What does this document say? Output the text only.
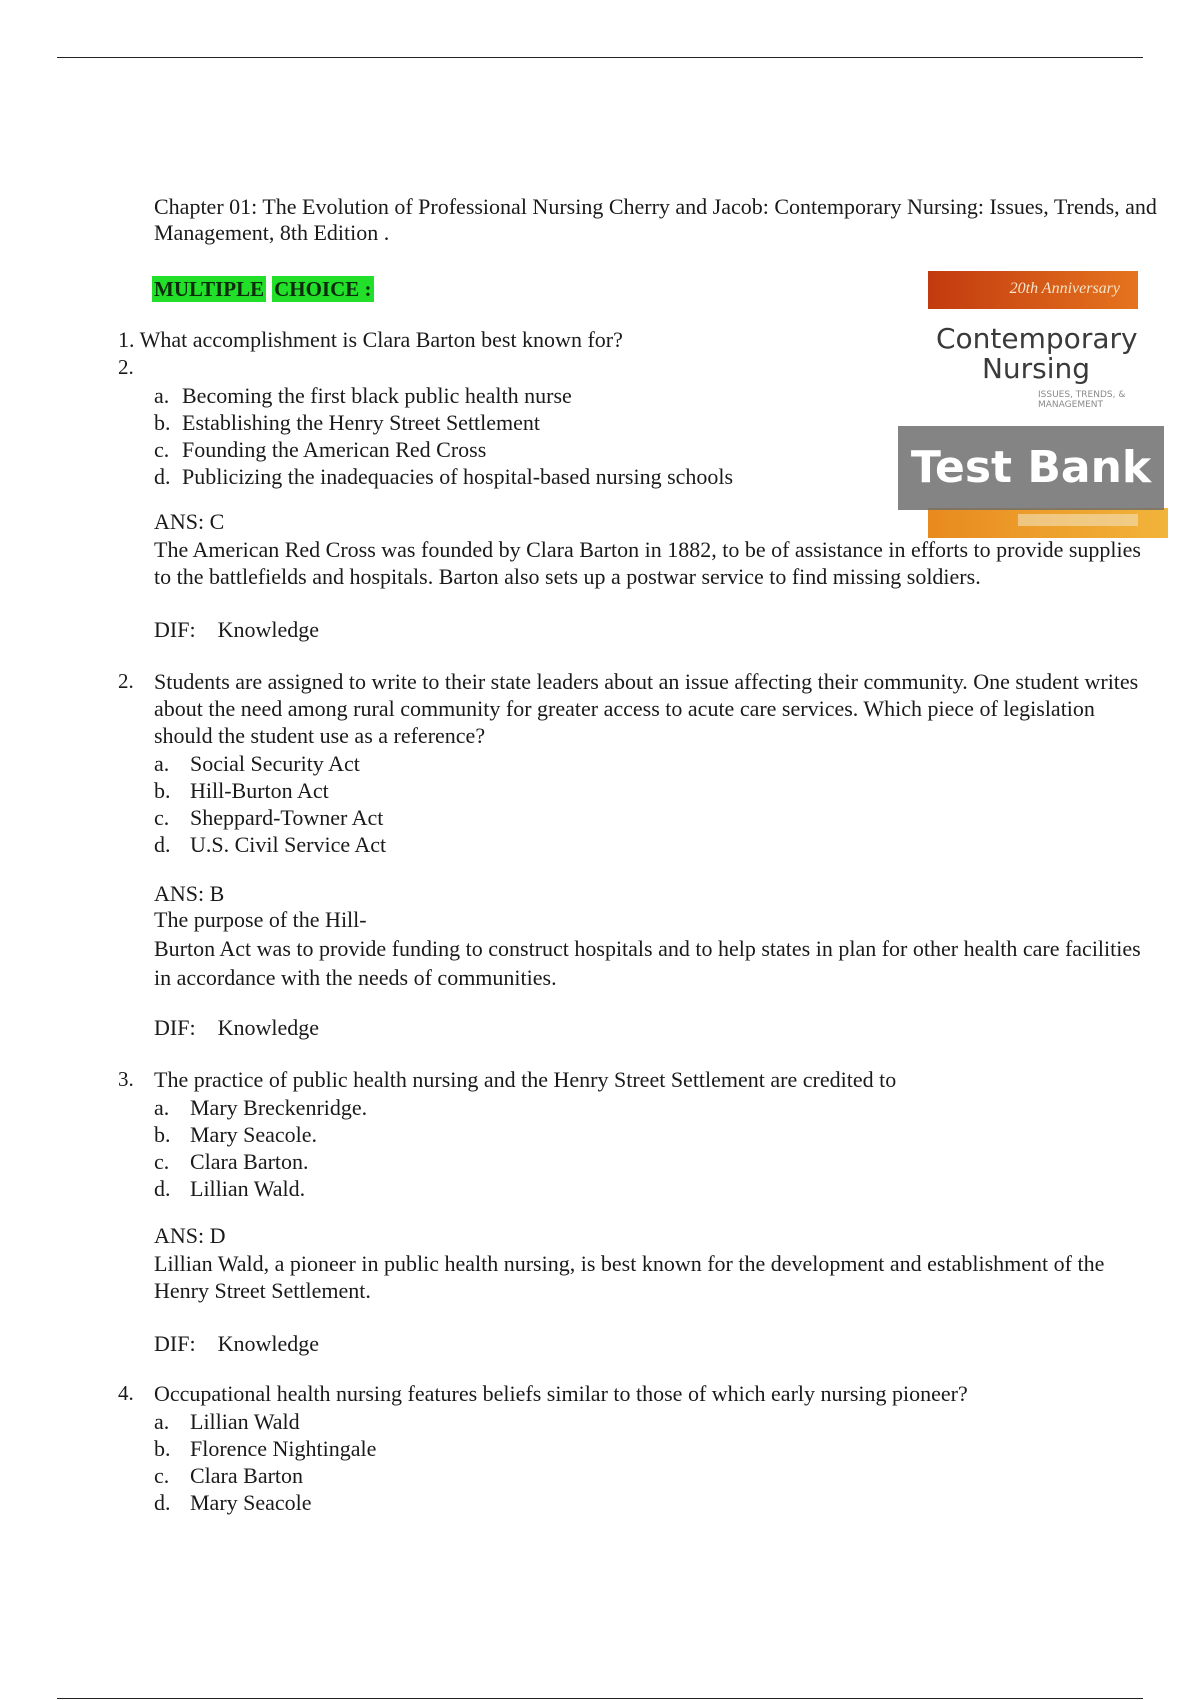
Chapter 01: The Evolution of Professional Nursing Cherry and Jacob: Contemporary Nursing: Issues, Trends, and Management, 8th Edition .
MULTIPLE CHOICE :	20th Anniversary
Contemporary
Nursing
ISSUES, TRENDS, & MANAGEMENT
Test Bank
1. What accomplishment is Clara Barton best known for?
2.
a. Becoming the first black public health nurse
b. Establishing the Henry Street Settlement
c. Founding the American Red Cross
d. Publicizing the inadequacies of hospital-based nursing schools
ANS: C
The American Red Cross was founded by Clara Barton in 1882, to be of assistance in efforts to provide supplies to the battlefields and hospitals. Barton also sets up a postwar service to find missing soldiers.
DIF: Knowledge
2. Students are assigned to write to their state leaders about an issue affecting their community. One student writes about the need among rural community for greater access to acute care services. Which piece of legislation should the student use as a reference?
a. Social Security Act
b. Hill-Burton Act
c. Sheppard-Towner Act
d. U.S. Civil Service Act
ANS: B
The purpose of the Hill-
Burton Act was to provide funding to construct hospitals and to help states in plan for other health care facilities in accordance with the needs of communities.
DIF: Knowledge
3. The practice of public health nursing and the Henry Street Settlement are credited to
a. Mary Breckenridge.
b. Mary Seacole.
c. Clara Barton.
d. Lillian Wald.
ANS: D
Lillian Wald, a pioneer in public health nursing, is best known for the development and establishment of the Henry Street Settlement.
DIF: Knowledge
4. Occupational health nursing features beliefs similar to those of which early nursing pioneer?
a. Lillian Wald
b. Florence Nightingale
c. Clara Barton
d. Mary Seacole
